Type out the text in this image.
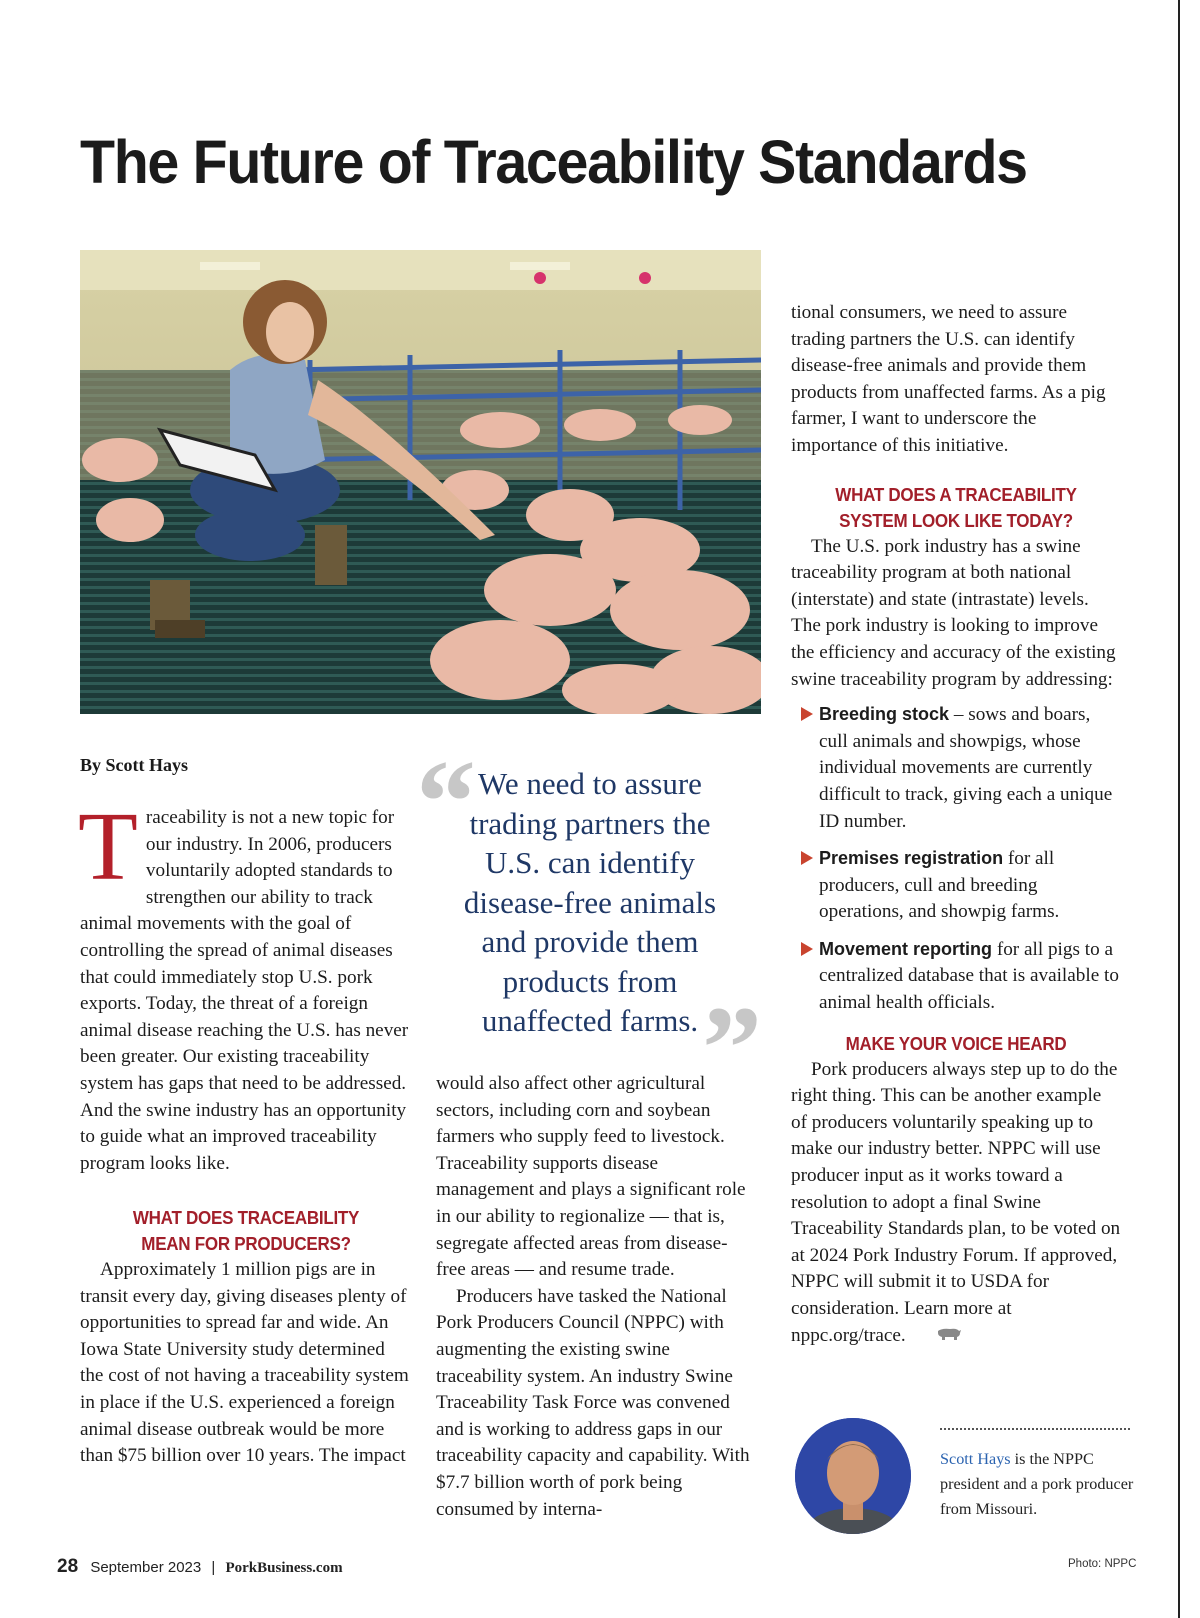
The Future of Traceability Standards
By Scott Hays

Traceability is not a new topic for our industry. In 2006, producers voluntarily adopted standards to strengthen our ability to track animal movements with the goal of controlling the spread of animal diseases that could immediately stop U.S. pork exports. Today, the threat of a foreign animal disease reaching the U.S. has never been greater. Our existing traceability system has gaps that need to be addressed. And the swine industry has an opportunity to guide what an improved traceability program looks like.

WHAT DOES TRACEABILITY
MEAN FOR PRODUCERS?

Approximately 1 million pigs are in transit every day, giving diseases plenty of opportunities to spread far and wide. An Iowa State University study determined the cost of not having a traceability system in place if the U.S. experienced a foreign animal disease outbreak would be more than $75 billion over 10 years. The impact

“ We need to assure trading partners the U.S. can identify disease-free animals and provide them products from unaffected farms. ”

would also affect other agricultural sectors, including corn and soybean farmers who supply feed to livestock. Traceability supports disease management and plays a significant role in our ability to regionalize — that is, segregate affected areas from disease-free areas — and resume trade.

Producers have tasked the National Pork Producers Council (NPPC) with augmenting the existing swine traceability system. An industry Swine Traceability Task Force was convened and is working to address gaps in our traceability capacity and capability. With $7.7 billion worth of pork being consumed by interna-

tional consumers, we need to assure trading partners the U.S. can identify disease-free animals and provide them products from unaffected farms. As a pig farmer, I want to underscore the importance of this initiative.

WHAT DOES A TRACEABILITY
SYSTEM LOOK LIKE TODAY?

The U.S. pork industry has a swine traceability program at both national (interstate) and state (intrastate) levels. The pork industry is looking to improve the efficiency and accuracy of the existing swine traceability program by addressing:

Breeding stock – sows and boars, cull animals and showpigs, whose individual movements are currently difficult to track, giving each a unique ID number.
Premises registration for all producers, cull and breeding operations, and showpig farms.
Movement reporting for all pigs to a centralized database that is available to animal health officials.
MAKE YOUR VOICE HEARD

Pork producers always step up to do the right thing. This can be another example of producers voluntarily speaking up to make our industry better. NPPC will use producer input as it works toward a resolution to adopt a final Swine Traceability Standards plan, to be voted on at 2024 Pork Industry Forum. If approved, NPPC will submit it to USDA for consideration. Learn more at nppc.org/trace.

Scott Hays is the NPPC president and a pork producer from Missouri.
28 September 2023 | PorkBusiness.com	Photo: NPPC
